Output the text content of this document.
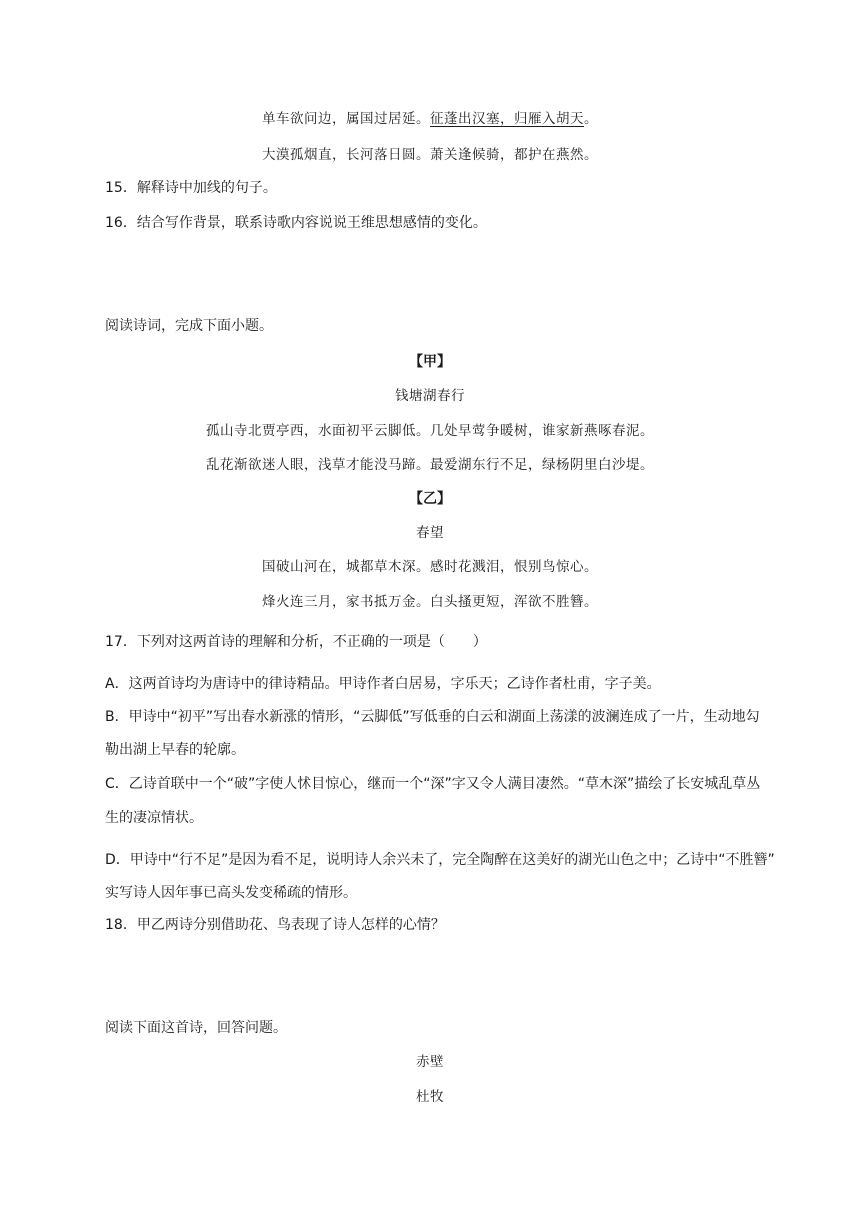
单车欲问边，属国过居延。征蓬出汉塞，归雁入胡天。
大漠孤烟直，长河落日圆。萧关逢候骑，都护在燕然。
15．解释诗中加线的句子。
16．结合写作背景，联系诗歌内容说说王维思想感情的变化。
阅读诗词，完成下面小题。
【甲】
钱塘湖春行
孤山寺北贾亭西，水面初平云脚低。几处早莺争暖树，谁家新燕啄春泥。
乱花渐欲迷人眼，浅草才能没马蹄。最爱湖东行不足，绿杨阴里白沙堤。
【乙】
春望
国破山河在，城都草木深。感时花溅泪，恨别鸟惊心。
烽火连三月，家书抵万金。白头搔更短，浑欲不胜簪。
17．下列对这两首诗的理解和分析，不正确的一项是（　　）
A．这两首诗均为唐诗中的律诗精品。甲诗作者白居易，字乐天；乙诗作者杜甫，字子美。
B．甲诗中“初平”写出春水新涨的情形，“云脚低”写低垂的白云和湖面上荡漾的波澜连成了一片，生动地勾
勒出湖上早春的轮廓。
C．乙诗首联中一个“破”字使人怵目惊心，继而一个“深”字又令人满目凄然。“草木深”描绘了长安城乱草丛
生的凄凉情状。
D．甲诗中“行不足”是因为看不足，说明诗人余兴未了，完全陶醉在这美好的湖光山色之中；乙诗中“不胜簪”
实写诗人因年事已高头发变稀疏的情形。
18．甲乙两诗分别借助花、鸟表现了诗人怎样的心情？
阅读下面这首诗，回答问题。
赤壁
杜牧
